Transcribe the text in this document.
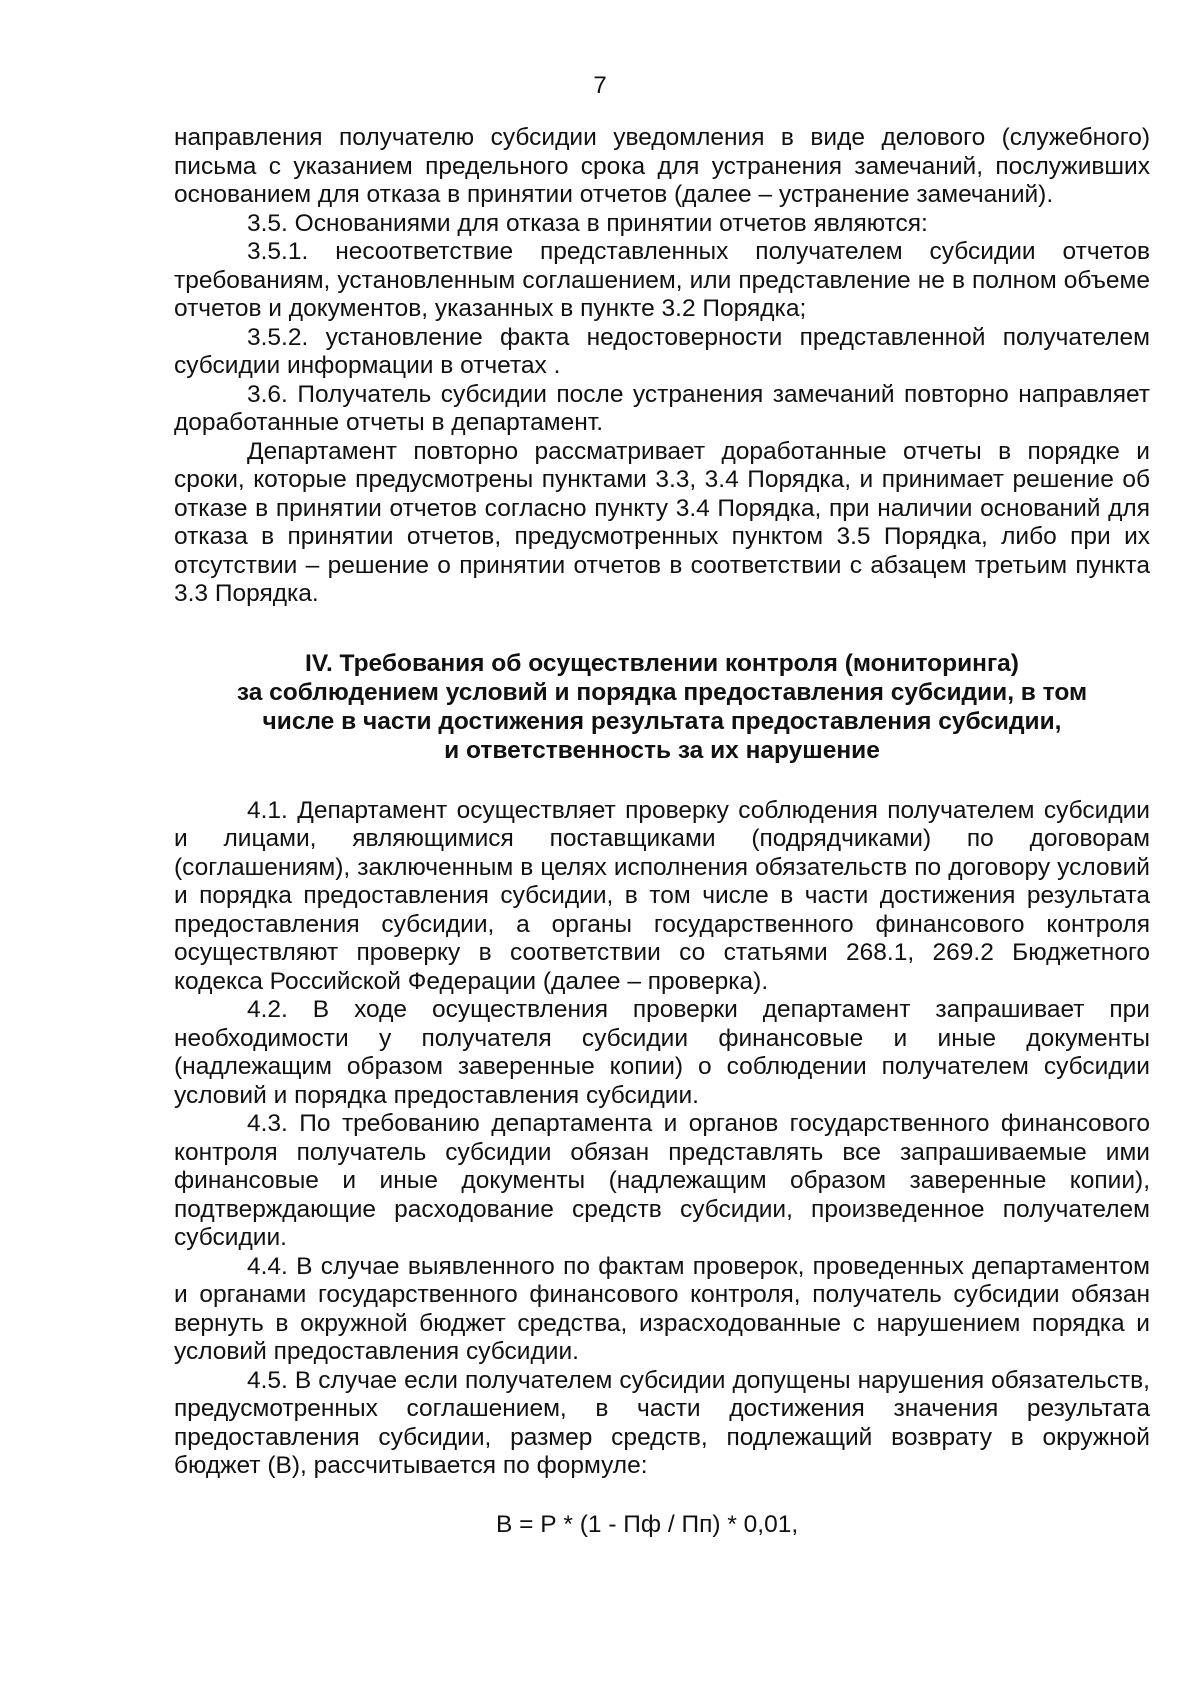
7

направления получателю субсидии уведомления в виде делового (служебного) письма с указанием предельного срока для устранения замечаний, послуживших основанием для отказа в принятии отчетов (далее – устранение замечаний).

3.5. Основаниями для отказа в принятии отчетов являются:

3.5.1. несоответствие представленных получателем субсидии отчетов требованиям, установленным соглашением, или представление не в полном объеме отчетов и документов, указанных в пункте 3.2 Порядка;

3.5.2. установление факта недостоверности представленной получателем субсидии информации в отчетах .

3.6. Получатель субсидии после устранения замечаний повторно направляет доработанные отчеты в департамент.

Департамент повторно рассматривает доработанные отчеты в порядке и сроки, которые предусмотрены пунктами 3.3, 3.4 Порядка, и принимает решение об отказе в принятии отчетов согласно пункту 3.4 Порядка, при наличии оснований для отказа в принятии отчетов, предусмотренных пунктом 3.5 Порядка, либо при их отсутствии – решение о принятии отчетов в соответствии с абзацем третьим пункта 3.3 Порядка.

IV. Требования об осуществлении контроля (мониторинга)
за соблюдением условий и порядка предоставления субсидии, в том
числе в части достижения результата предоставления субсидии,
и ответственность за их нарушение

4.1. Департамент осуществляет проверку соблюдения получателем субсидии и лицами, являющимися поставщиками (подрядчиками) по договорам (соглашениям), заключенным в целях исполнения обязательств по договору условий и порядка предоставления субсидии, в том числе в части достижения результата предоставления субсидии, а органы государственного финансового контроля осуществляют проверку в соответствии со статьями 268.1, 269.2 Бюджетного кодекса Российской Федерации (далее – проверка).

4.2. В ходе осуществления проверки департамент запрашивает при необходимости у получателя субсидии финансовые и иные документы (надлежащим образом заверенные копии) о соблюдении получателем субсидии условий и порядка предоставления субсидии.

4.3. По требованию департамента и органов государственного финансового контроля получатель субсидии обязан представлять все запрашиваемые ими финансовые и иные документы (надлежащим образом заверенные копии), подтверждающие расходование средств субсидии, произведенное получателем субсидии.

4.4. В случае выявленного по фактам проверок, проведенных департаментом и органами государственного финансового контроля, получатель субсидии обязан вернуть в окружной бюджет средства, израсходованные с нарушением порядка и условий предоставления субсидии.

4.5. В случае если получателем субсидии допущены нарушения обязательств, предусмотренных соглашением, в части достижения значения результата предоставления субсидии, размер средств, подлежащий возврату в окружной бюджет (В), рассчитывается по формуле:

В = Р * (1 - Пф / Пп) * 0,01,
